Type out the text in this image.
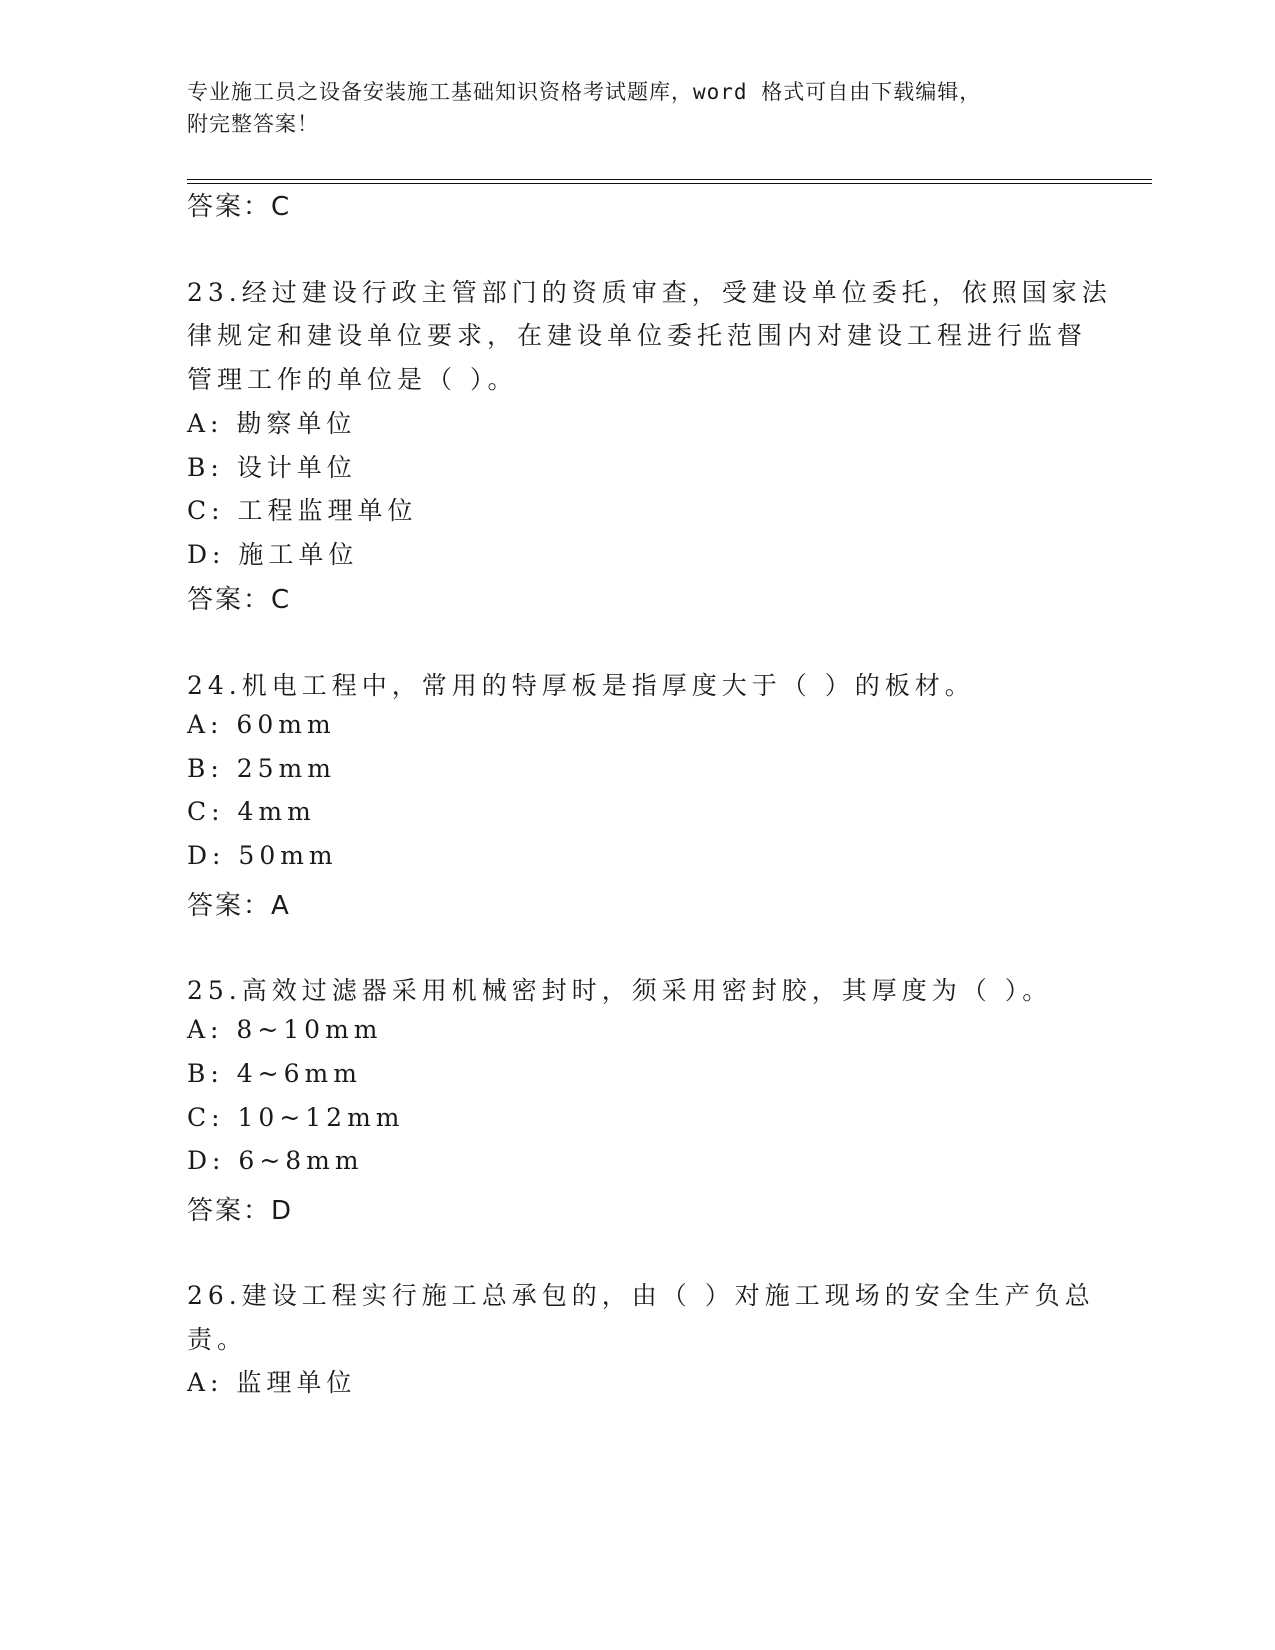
专业施工员之设备安装施工基础知识资格考试题库，word 格式可自由下载编辑，
附完整答案！
答案：C
23.经过建设行政主管部门的资质审查，受建设单位委托，依照国家法
律规定和建设单位要求，在建设单位委托范围内对建设工程进行监督
管理工作的单位是（ ）。
A: 勘察单位
B: 设计单位
C: 工程监理单位
D: 施工单位
答案：C
24.机电工程中，常用的特厚板是指厚度大于（ ）的板材。
A: 60mm
B: 25mm
C: 4mm
D: 50mm
答案：A
25.高效过滤器采用机械密封时，须采用密封胶，其厚度为（ ）。
A: 8~10mm
B: 4~6mm
C: 10~12mm
D: 6~8mm
答案：D
26.建设工程实行施工总承包的，由（ ）对施工现场的安全生产负总
责。
A: 监理单位
